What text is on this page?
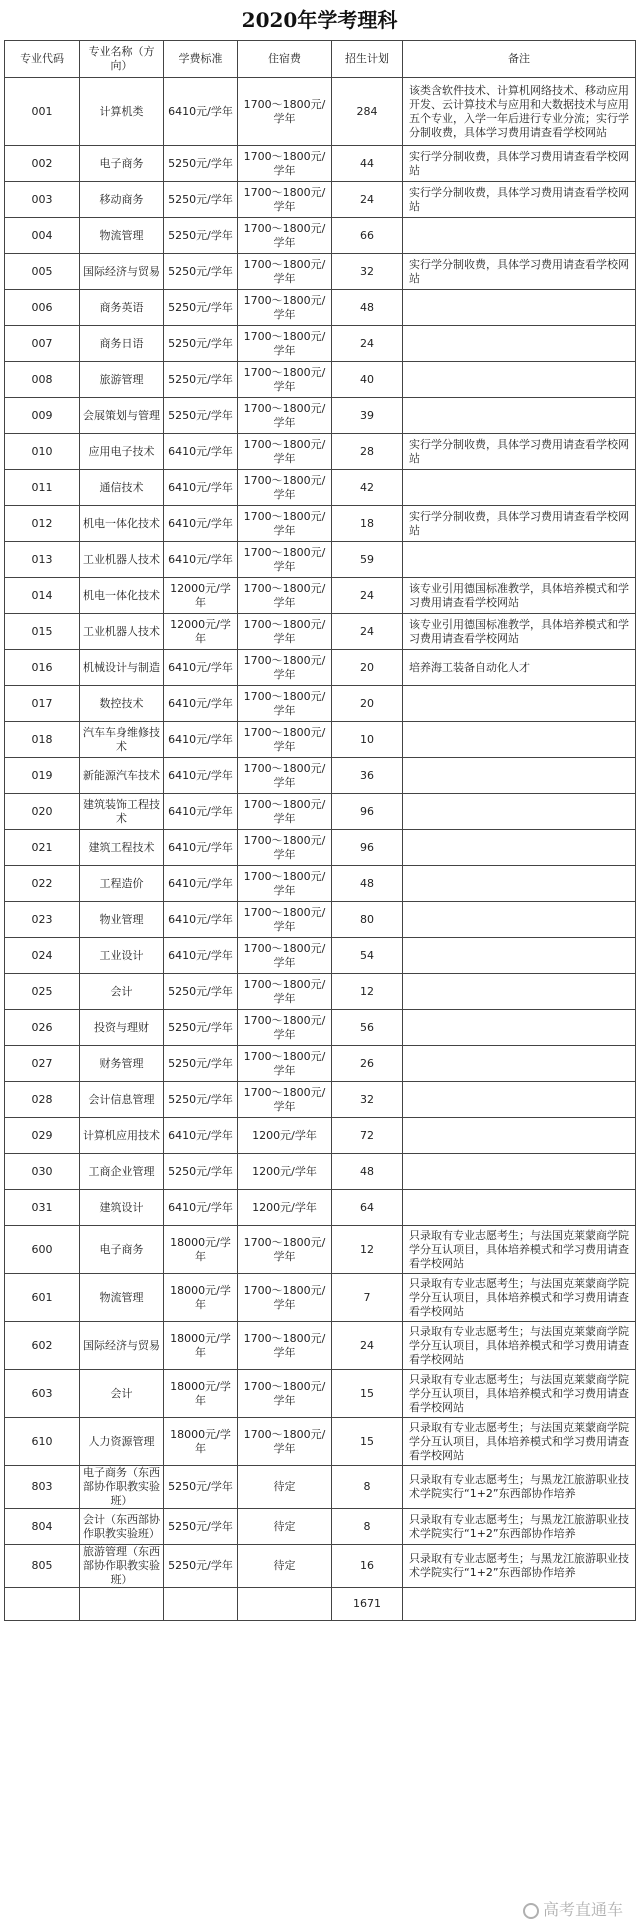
2020年学考理科
专业代码	专业名称（方向）	学费标准	住宿费	招生计划	备注
001	计算机类	6410元/学年	1700～1800元/学年	284	该类含软件技术、计算机网络技术、移动应用开发、云计算技术与应用和大数据技术与应用五个专业，入学一年后进行专业分流；实行学分制收费，具体学习费用请查看学校网站
002	电子商务	5250元/学年	1700～1800元/学年	44	实行学分制收费，具体学习费用请查看学校网站
003	移动商务	5250元/学年	1700～1800元/学年	24	实行学分制收费，具体学习费用请查看学校网站
004	物流管理	5250元/学年	1700～1800元/学年	66	
005	国际经济与贸易	5250元/学年	1700～1800元/学年	32	实行学分制收费，具体学习费用请查看学校网站
006	商务英语	5250元/学年	1700～1800元/学年	48	
007	商务日语	5250元/学年	1700～1800元/学年	24	
008	旅游管理	5250元/学年	1700～1800元/学年	40	
009	会展策划与管理	5250元/学年	1700～1800元/学年	39	
010	应用电子技术	6410元/学年	1700～1800元/学年	28	实行学分制收费，具体学习费用请查看学校网站
011	通信技术	6410元/学年	1700～1800元/学年	42	
012	机电一体化技术	6410元/学年	1700～1800元/学年	18	实行学分制收费，具体学习费用请查看学校网站
013	工业机器人技术	6410元/学年	1700～1800元/学年	59	
014	机电一体化技术	12000元/学年	1700～1800元/学年	24	该专业引用德国标准教学，具体培养模式和学习费用请查看学校网站
015	工业机器人技术	12000元/学年	1700～1800元/学年	24	该专业引用德国标准教学，具体培养模式和学习费用请查看学校网站
016	机械设计与制造	6410元/学年	1700～1800元/学年	20	培养海工装备自动化人才
017	数控技术	6410元/学年	1700～1800元/学年	20	
018	汽车车身维修技术	6410元/学年	1700～1800元/学年	10	
019	新能源汽车技术	6410元/学年	1700～1800元/学年	36	
020	建筑装饰工程技术	6410元/学年	1700～1800元/学年	96	
021	建筑工程技术	6410元/学年	1700～1800元/学年	96	
022	工程造价	6410元/学年	1700～1800元/学年	48	
023	物业管理	6410元/学年	1700～1800元/学年	80	
024	工业设计	6410元/学年	1700～1800元/学年	54	
025	会计	5250元/学年	1700～1800元/学年	12	
026	投资与理财	5250元/学年	1700～1800元/学年	56	
027	财务管理	5250元/学年	1700～1800元/学年	26	
028	会计信息管理	5250元/学年	1700～1800元/学年	32	
029	计算机应用技术	6410元/学年	1200元/学年	72	
030	工商企业管理	5250元/学年	1200元/学年	48	
031	建筑设计	6410元/学年	1200元/学年	64	
600	电子商务	18000元/学年	1700～1800元/学年	12	只录取有专业志愿考生；与法国克莱蒙商学院学分互认项目，具体培养模式和学习费用请查看学校网站
601	物流管理	18000元/学年	1700～1800元/学年	7	只录取有专业志愿考生；与法国克莱蒙商学院学分互认项目，具体培养模式和学习费用请查看学校网站
602	国际经济与贸易	18000元/学年	1700～1800元/学年	24	只录取有专业志愿考生；与法国克莱蒙商学院学分互认项目，具体培养模式和学习费用请查看学校网站
603	会计	18000元/学年	1700～1800元/学年	15	只录取有专业志愿考生；与法国克莱蒙商学院学分互认项目，具体培养模式和学习费用请查看学校网站
610	人力资源管理	18000元/学年	1700～1800元/学年	15	只录取有专业志愿考生；与法国克莱蒙商学院学分互认项目，具体培养模式和学习费用请查看学校网站
803	电子商务（东西部协作职教实验班）	5250元/学年	待定	8	只录取有专业志愿考生；与黑龙江旅游职业技术学院实行“1+2”东西部协作培养
804	会计（东西部协作职教实验班）	5250元/学年	待定	8	只录取有专业志愿考生；与黑龙江旅游职业技术学院实行“1+2”东西部协作培养
805	旅游管理（东西部协作职教实验班）	5250元/学年	待定	16	只录取有专业志愿考生；与黑龙江旅游职业技术学院实行“1+2”东西部协作培养
				1671	
高考直通车
